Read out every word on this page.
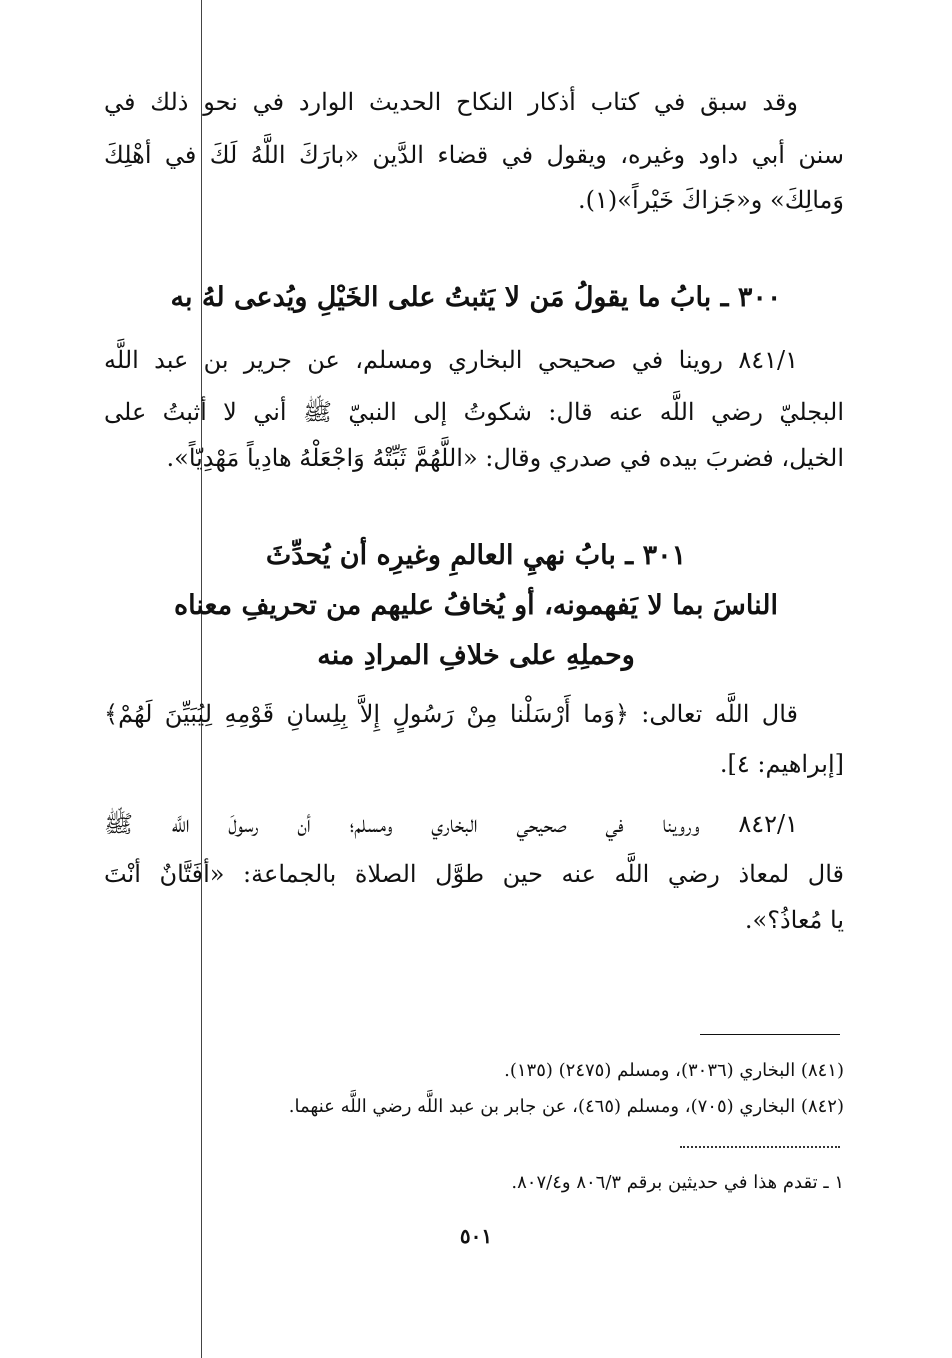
وقد سبق في كتاب أذكار النكاح الحديث الوارد في نحو ذلك في
سنن أبي داود وغيره، ويقول في قضاء الدَّين «بارَكَ اللَّهُ لَكَ في أهْلِكَ
وَمالِكَ» و«جَزاكَ خَيْراً»(١).
٣٠٠ ـ بابُ ما يقولُ مَن لا يَثبتُ على الخَيْلِ ويُدعى لهُ به
٨٤١/١ روينا في صحيحي البخاري ومسلم، عن جرير بن عبد اللَّه
البجليّ رضي اللَّه عنه قال: شكوتُ إلى النبيّ ﷺ أني لا أثبتُ على
الخيل، فضربَ بيده في صدري وقال: «اللَّهُمَّ ثَبِّتْهُ وَاجْعَلْهُ هادِياً مَهْدِيّاً».
٣٠١ ـ بابُ نهيِ العالمِ وغيرِه أن يُحدِّثَ
الناسَ بما لا يَفهمونه، أو يُخافُ عليهم من تحريفِ معناه
وحملِهِ على خلافِ المرادِ منه
قال اللَّه تعالى: ﴿وَما أَرْسَلْنا مِنْ رَسُولٍ إِلاَّ بِلِسانِ قَوْمِهِ لِيُبَيِّنَ لَهُمْ﴾
[إبراهيم: ٤].
٨٤٢/١ وروينا في صحيحي البخاري ومسلم؛ أن رسولَ اللَّه ﷺ
قال لمعاذ رضي اللَّه عنه حين طوَّل الصلاة بالجماعة: «أفَتَّانٌ أنْتَ
يا مُعاذُ؟».
(٨٤١) البخاري (٣٠٣٦)، ومسلم (٢٤٧٥) (١٣٥).
(٨٤٢) البخاري (٧٠٥)، ومسلم (٤٦٥)، عن جابر بن عبد اللَّه رضي اللَّه عنهما.
١ ـ تقدم هذا في حديثين برقم ٨٠٦/٣ و٨٠٧/٤.
٥٠١
